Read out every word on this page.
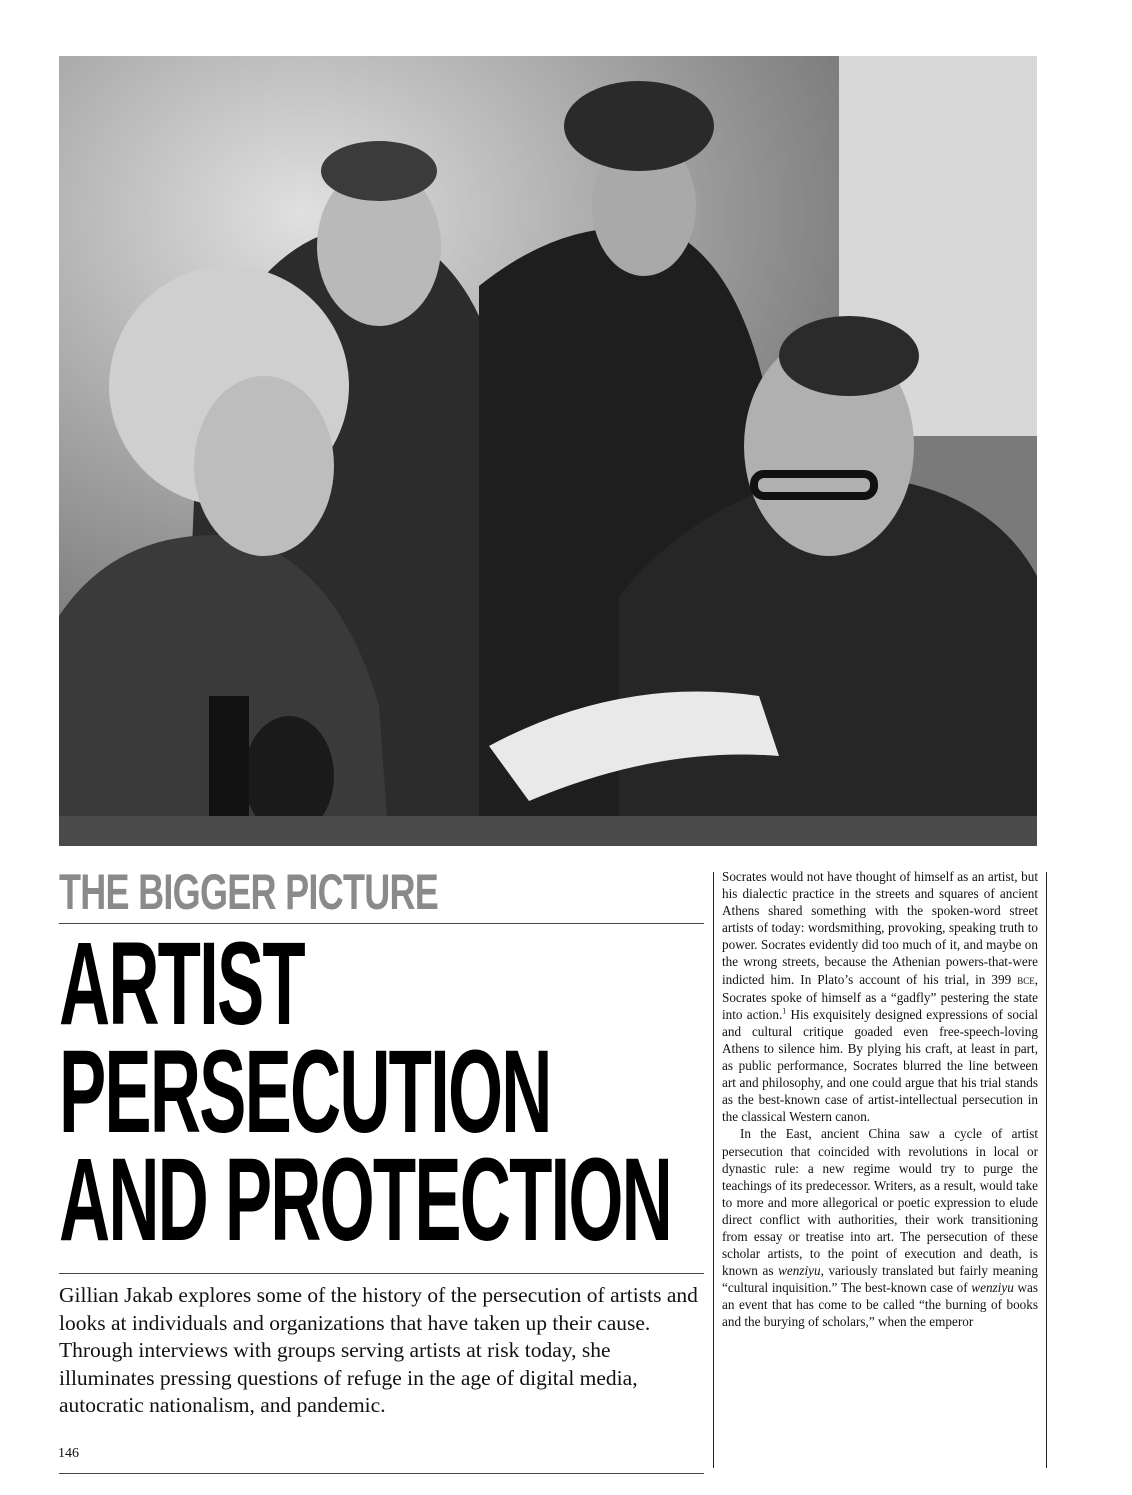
THE BIGGER PICTURE
ARTIST
PERSECUTION
AND PROTECTION
Gillian Jakab explores some of the history of the persecution of artists and looks at individuals and organizations that have taken up their cause. Through interviews with groups serving artists at risk today, she illuminates pressing questions of refuge in the age of digital media, autocratic nationalism, and pandemic.

Socrates would not have thought of himself as an artist, but his dialectic practice in the streets and squares of ancient Athens shared something with the spoken-word street artists of today: wordsmithing, provoking, speaking truth to power. Socrates evidently did too much of it, and maybe on the wrong streets, because the Athenian powers-that-were indicted him. In Plato’s account of his trial, in 399 bce, Socrates spoke of himself as a “gadfly” pestering the state into action.$^1$ His exquisitely designed expressions of social and cultural critique goaded even free-speech-loving Athens to silence him. By plying his craft, at least in part, as public performance, Socrates blurred the line between art and philosophy, and one could argue that his trial stands as the best-known case of artist-intellectual persecution in the classical Western canon.

In the East, ancient China saw a cycle of artist persecution that coincided with revolutions in local or dynastic rule: a new regime would try to purge the teachings of its predecessor. Writers, as a result, would take to more and more allegorical or poetic expression to elude direct conflict with authorities, their work transitioning from essay or treatise into art. The persecution of these scholar artists, to the point of execution and death, is known as wenziyu, variously translated but fairly meaning “cultural inquisition.” The best-known case of wenziyu was an event that has come to be called “the burning of books and the burying of scholars,” when the emperor

146
